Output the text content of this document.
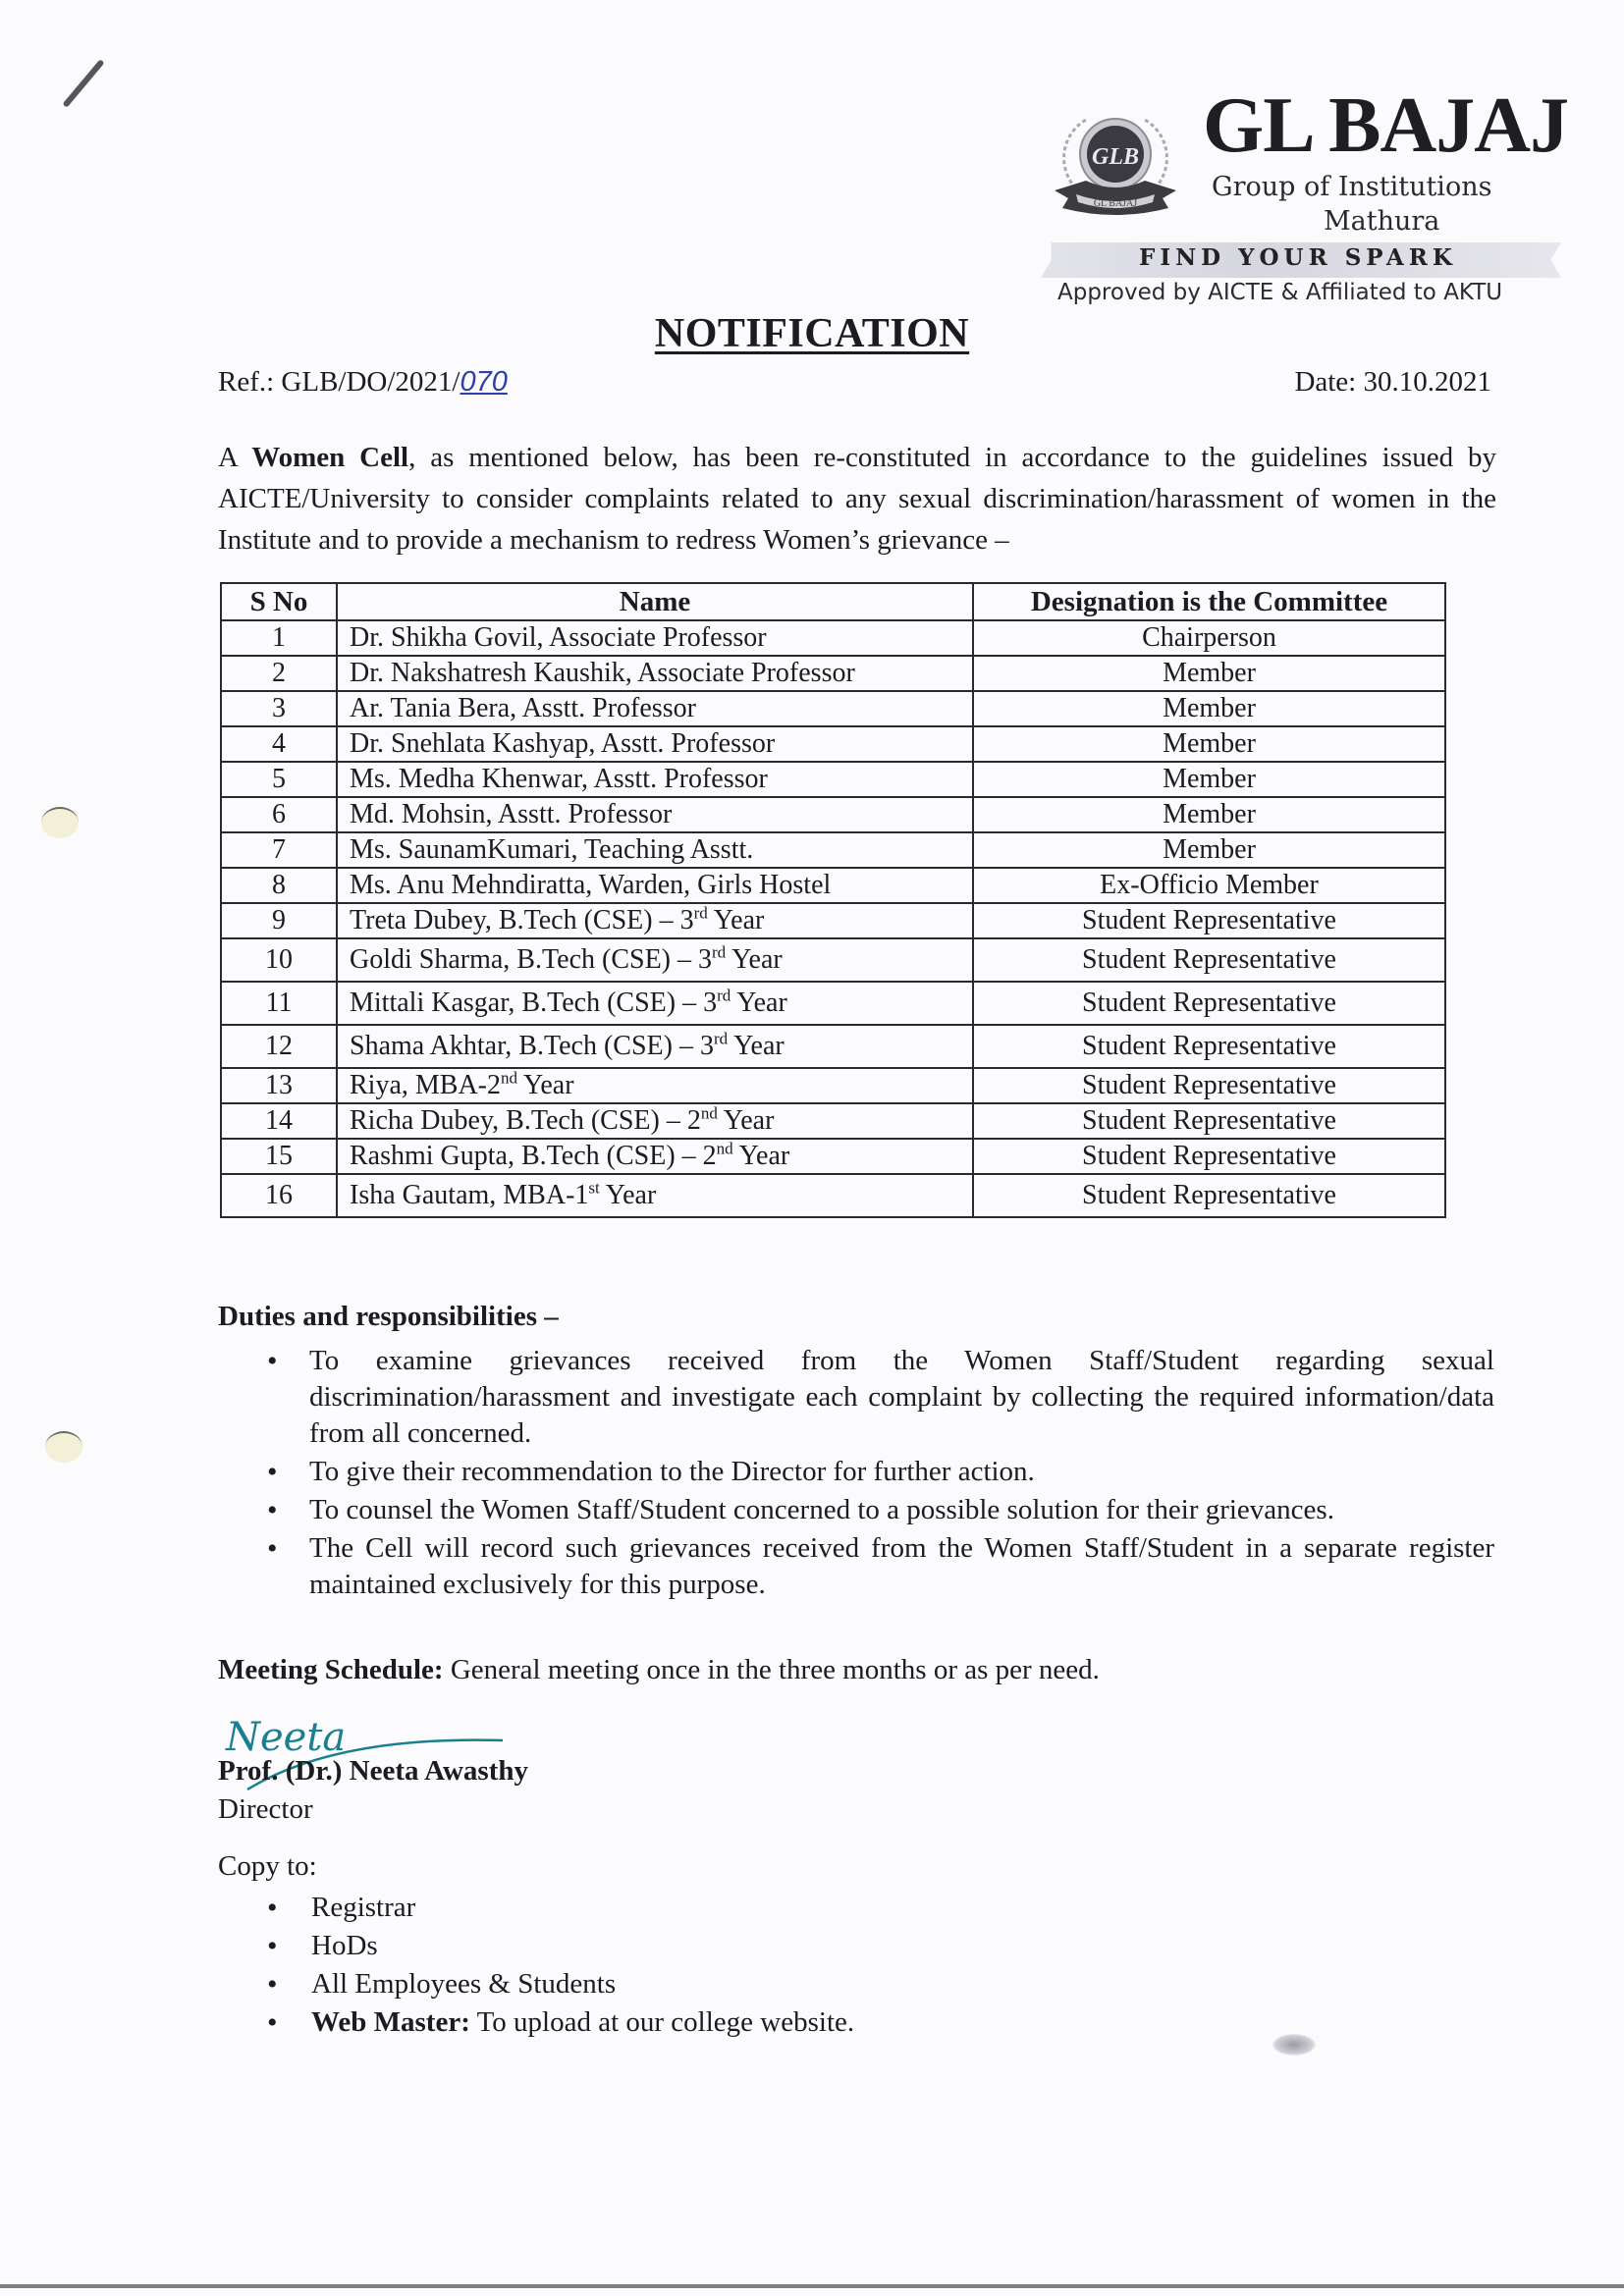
GLB
GL BAJAJ
GL BAJAJ
Group of Institutions
Mathura
FIND YOUR SPARK
Approved by AICTE & Affiliated to AKTU
NOTIFICATION
Ref.: GLB/DO/2021/070	Date: 30.10.2021
A Women Cell, as mentioned below, has been re-constituted in accordance to the guidelines issued by AICTE/University to consider complaints related to any sexual discrimination/harassment of women in the Institute and to provide a mechanism to redress Women’s grievance –
S No	Name	Designation is the Committee
1	Dr. Shikha Govil, Associate Professor	Chairperson
2	Dr. Nakshatresh Kaushik, Associate Professor	Member
3	Ar. Tania Bera, Asstt. Professor	Member
4	Dr. Snehlata Kashyap, Asstt. Professor	Member
5	Ms. Medha Khenwar, Asstt. Professor	Member
6	Md. Mohsin, Asstt. Professor	Member
7	Ms. SaunamKumari, Teaching Asstt.	Member
8	Ms. Anu Mehndiratta, Warden, Girls Hostel	Ex-Officio Member
9	Treta Dubey, B.Tech (CSE) – 3rd Year	Student Representative
10	Goldi Sharma, B.Tech (CSE) – 3rd Year	Student Representative
11	Mittali Kasgar, B.Tech (CSE) – 3rd Year	Student Representative
12	Shama Akhtar, B.Tech (CSE) – 3rd Year	Student Representative
13	Riya, MBA-2nd Year	Student Representative
14	Richa Dubey, B.Tech (CSE) – 2nd Year	Student Representative
15	Rashmi Gupta, B.Tech (CSE) – 2nd Year	Student Representative
16	Isha Gautam, MBA-1st Year	Student Representative
Duties and responsibilities –
• To examine grievances received from the Women Staff/Student regarding sexual discrimination/harassment and investigate each complaint by collecting the required information/data from all concerned.
• To give their recommendation to the Director for further action.
• To counsel the Women Staff/Student concerned to a possible solution for their grievances.
• The Cell will record such grievances received from the Women Staff/Student in a separate register maintained exclusively for this purpose.
Meeting Schedule: General meeting once in the three months or as per need.
Neeta
Prof. (Dr.) Neeta Awasthy
Director
Copy to:
• Registrar
• HoDs
• All Employees & Students
• Web Master: To upload at our college website.
